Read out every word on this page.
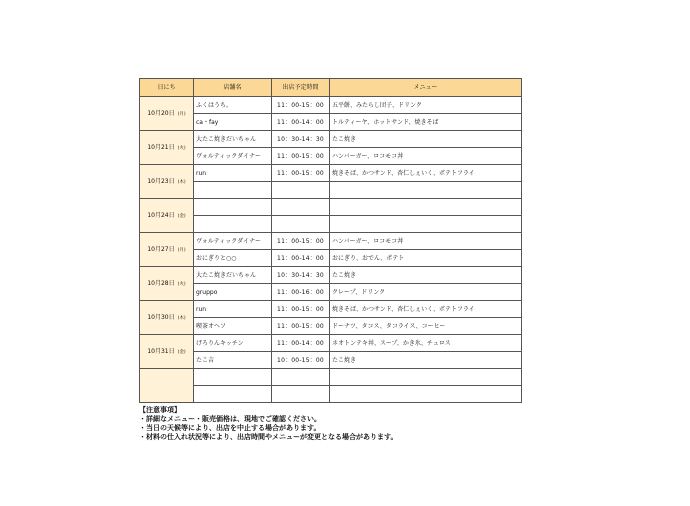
日にち	店舗名	出店予定時間	メニュー
10月20日 (月)	ふくはうち。	11：00-15：00	五平餅、みたらし団子、ドリンク
	ca・fay	11：00-14：00	トルティーヤ、ホットサンド、焼きそば
10月21日 (火)	大たこ焼きだいちゃん	10：30-14：30	たこ焼き
	ヴォルティックダイナー	11：00-15：00	ハンバーガー、ロコモコ丼
10月23日 (木)	run	11：00-15：00	焼きそば、かつサンド、杏仁しぇいく、ポテトフライ

10月24日 (金)			

10月27日 (月)	ヴォルティックダイナー	11：00-15：00	ハンバーガー、ロコモコ丼
	おにぎりと○○	11：00-14：00	おにぎり、おでん、ポテト
10月28日 (火)	大たこ焼きだいちゃん	10：30-14：30	たこ焼き
	gruppo	11：00-16：00	クレープ、ドリンク
10月30日 (木)	run	11：00-15：00	焼きそば、かつサンド、杏仁しぇいく、ポテトフライ
	喫茶オヘソ	11：00-15：00	ドーナツ、タコス、タコライス、コーヒー
10月31日 (金)	げろりんキッチン	11：00-14：00	ネオトンテキ丼、スープ、かき氷、チュロス
	たこ吉	10：00-15：00	たこ焼き

【注意事項】
・詳細なメニュー・販売価格は、現地でご確認ください。
・当日の天候等により、出店を中止する場合があります。
・材料の仕入れ状況等により、出店時間やメニューが変更となる場合があります。
